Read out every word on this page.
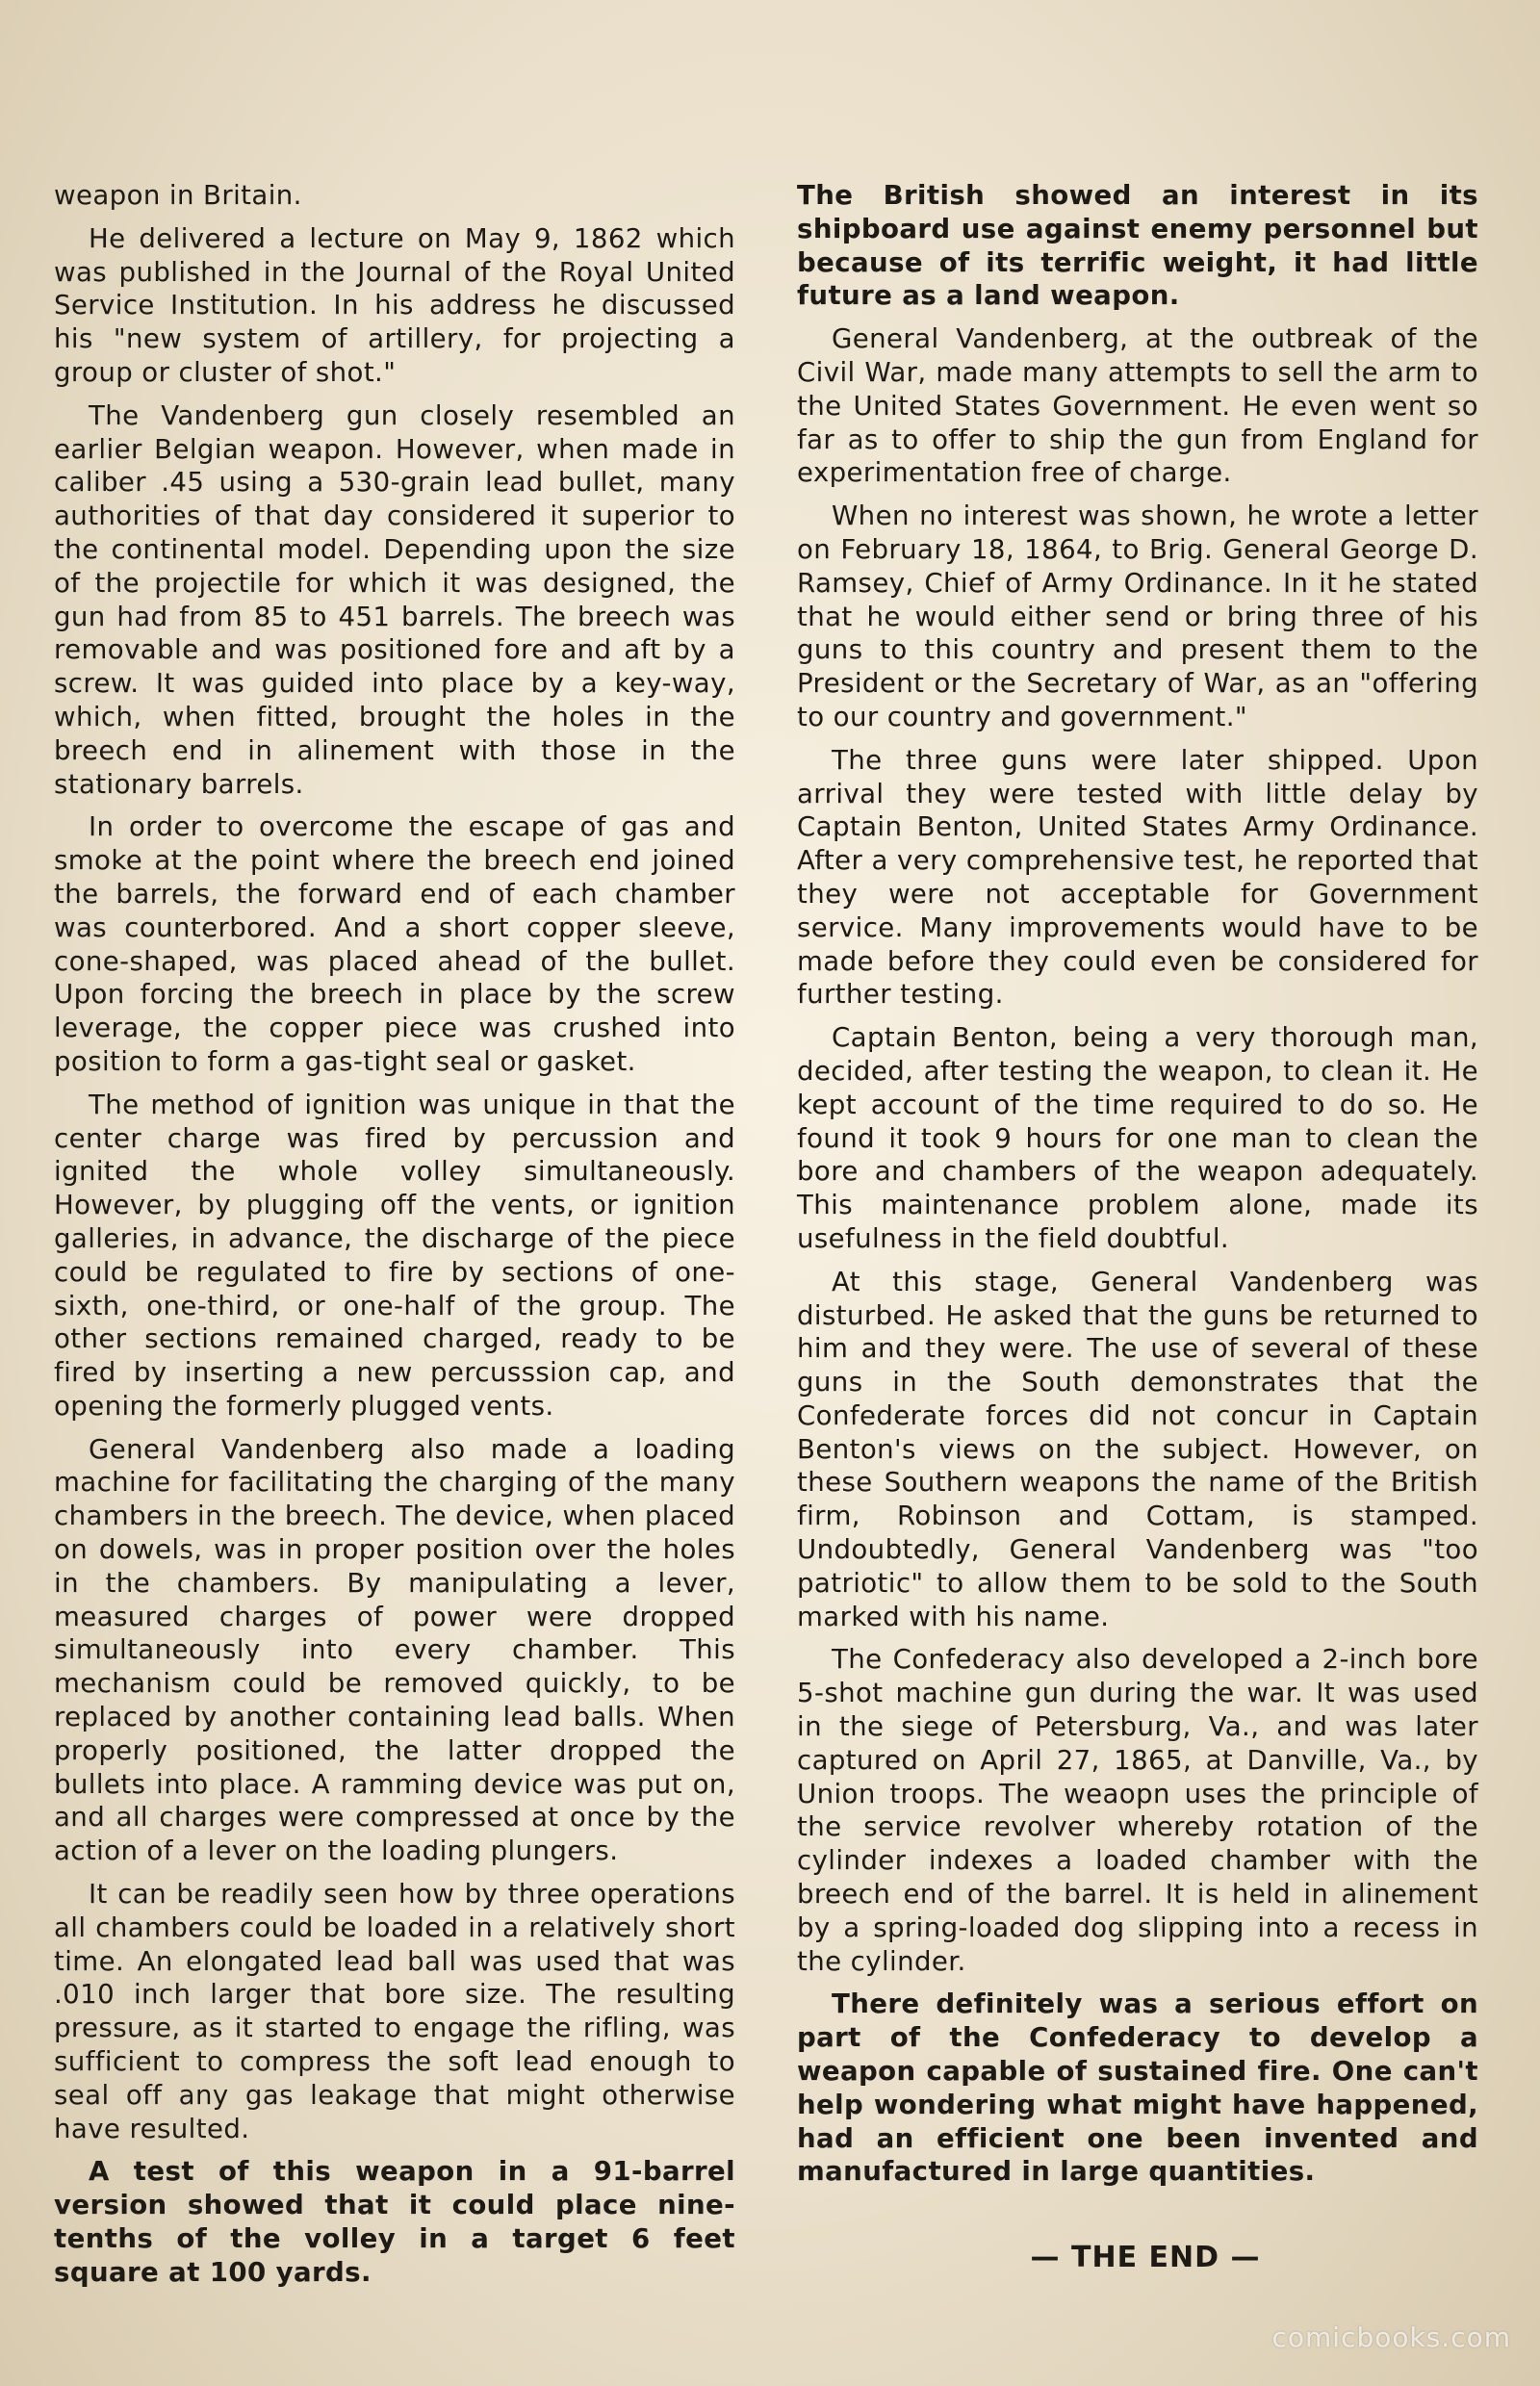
weapon in Britain.

He delivered a lecture on May 9, 1862 which was published in the Journal of the Royal United Service Institution. In his address he discussed his "new system of artillery, for projecting a group or cluster of shot."

The Vandenberg gun closely resembled an earlier Belgian weapon. However, when made in caliber .45 using a 530-grain lead bullet, many authorities of that day considered it superior to the continental model. Depending upon the size of the projectile for which it was designed, the gun had from 85 to 451 barrels. The breech was removable and was positioned fore and aft by a screw. It was guided into place by a key-way, which, when fitted, brought the holes in the breech end in alinement with those in the stationary barrels.

In order to overcome the escape of gas and smoke at the point where the breech end joined the barrels, the forward end of each chamber was counterbored. And a short copper sleeve, cone-shaped, was placed ahead of the bullet. Upon forcing the breech in place by the screw leverage, the copper piece was crushed into position to form a gas-tight seal or gasket.

The method of ignition was unique in that the center charge was fired by percussion and ignited the whole volley simultaneously. However, by plugging off the vents, or ignition galleries, in advance, the discharge of the piece could be regulated to fire by sections of one-sixth, one-third, or one-half of the group. The other sections remained charged, ready to be fired by inserting a new percusssion cap, and opening the formerly plugged vents.

General Vandenberg also made a loading machine for facilitating the charging of the many chambers in the breech. The device, when placed on dowels, was in proper position over the holes in the chambers. By manipulating a lever, measured charges of power were dropped simultaneously into every chamber. This mechanism could be removed quickly, to be replaced by another containing lead balls. When properly positioned, the latter dropped the bullets into place. A ramming device was put on, and all charges were compressed at once by the action of a lever on the loading plungers.

It can be readily seen how by three operations all chambers could be loaded in a relatively short time. An elongated lead ball was used that was .010 inch larger that bore size. The resulting pressure, as it started to engage the rifling, was sufficient to compress the soft lead enough to seal off any gas leakage that might otherwise have resulted.

A test of this weapon in a 91-barrel version showed that it could place nine-tenths of the volley in a target 6 feet square at 100 yards.

The British showed an interest in its shipboard use against enemy personnel but because of its terrific weight, it had little future as a land weapon.

General Vandenberg, at the outbreak of the Civil War, made many attempts to sell the arm to the United States Government. He even went so far as to offer to ship the gun from England for experimentation free of charge.

When no interest was shown, he wrote a letter on February 18, 1864, to Brig. General George D. Ramsey, Chief of Army Ordinance. In it he stated that he would either send or bring three of his guns to this country and present them to the President or the Secretary of War, as an "offering to our country and government."

The three guns were later shipped. Upon arrival they were tested with little delay by Captain Benton, United States Army Ordinance. After a very comprehensive test, he reported that they were not acceptable for Government service. Many improvements would have to be made before they could even be considered for further testing.

Captain Benton, being a very thorough man, decided, after testing the weapon, to clean it. He kept account of the time required to do so. He found it took 9 hours for one man to clean the bore and chambers of the weapon adequately. This maintenance problem alone, made its usefulness in the field doubtful.

At this stage, General Vandenberg was disturbed. He asked that the guns be returned to him and they were. The use of several of these guns in the South demonstrates that the Confederate forces did not concur in Captain Benton's views on the subject. However, on these Southern weapons the name of the British firm, Robinson and Cottam, is stamped. Undoubtedly, General Vandenberg was "too patriotic" to allow them to be sold to the South marked with his name.

The Confederacy also developed a 2-inch bore 5-shot machine gun during the war. It was used in the siege of Petersburg, Va., and was later captured on April 27, 1865, at Danville, Va., by Union troops. The weaopn uses the principle of the service revolver whereby rotation of the cylinder indexes a loaded chamber with the breech end of the barrel. It is held in alinement by a spring-loaded dog slipping into a recess in the cylinder.

There definitely was a serious effort on part of the Confederacy to develop a weapon capable of sustained fire. One can't help wondering what might have happened, had an efficient one been invented and manufactured in large quantities.

— THE END —
comicbooks.com
